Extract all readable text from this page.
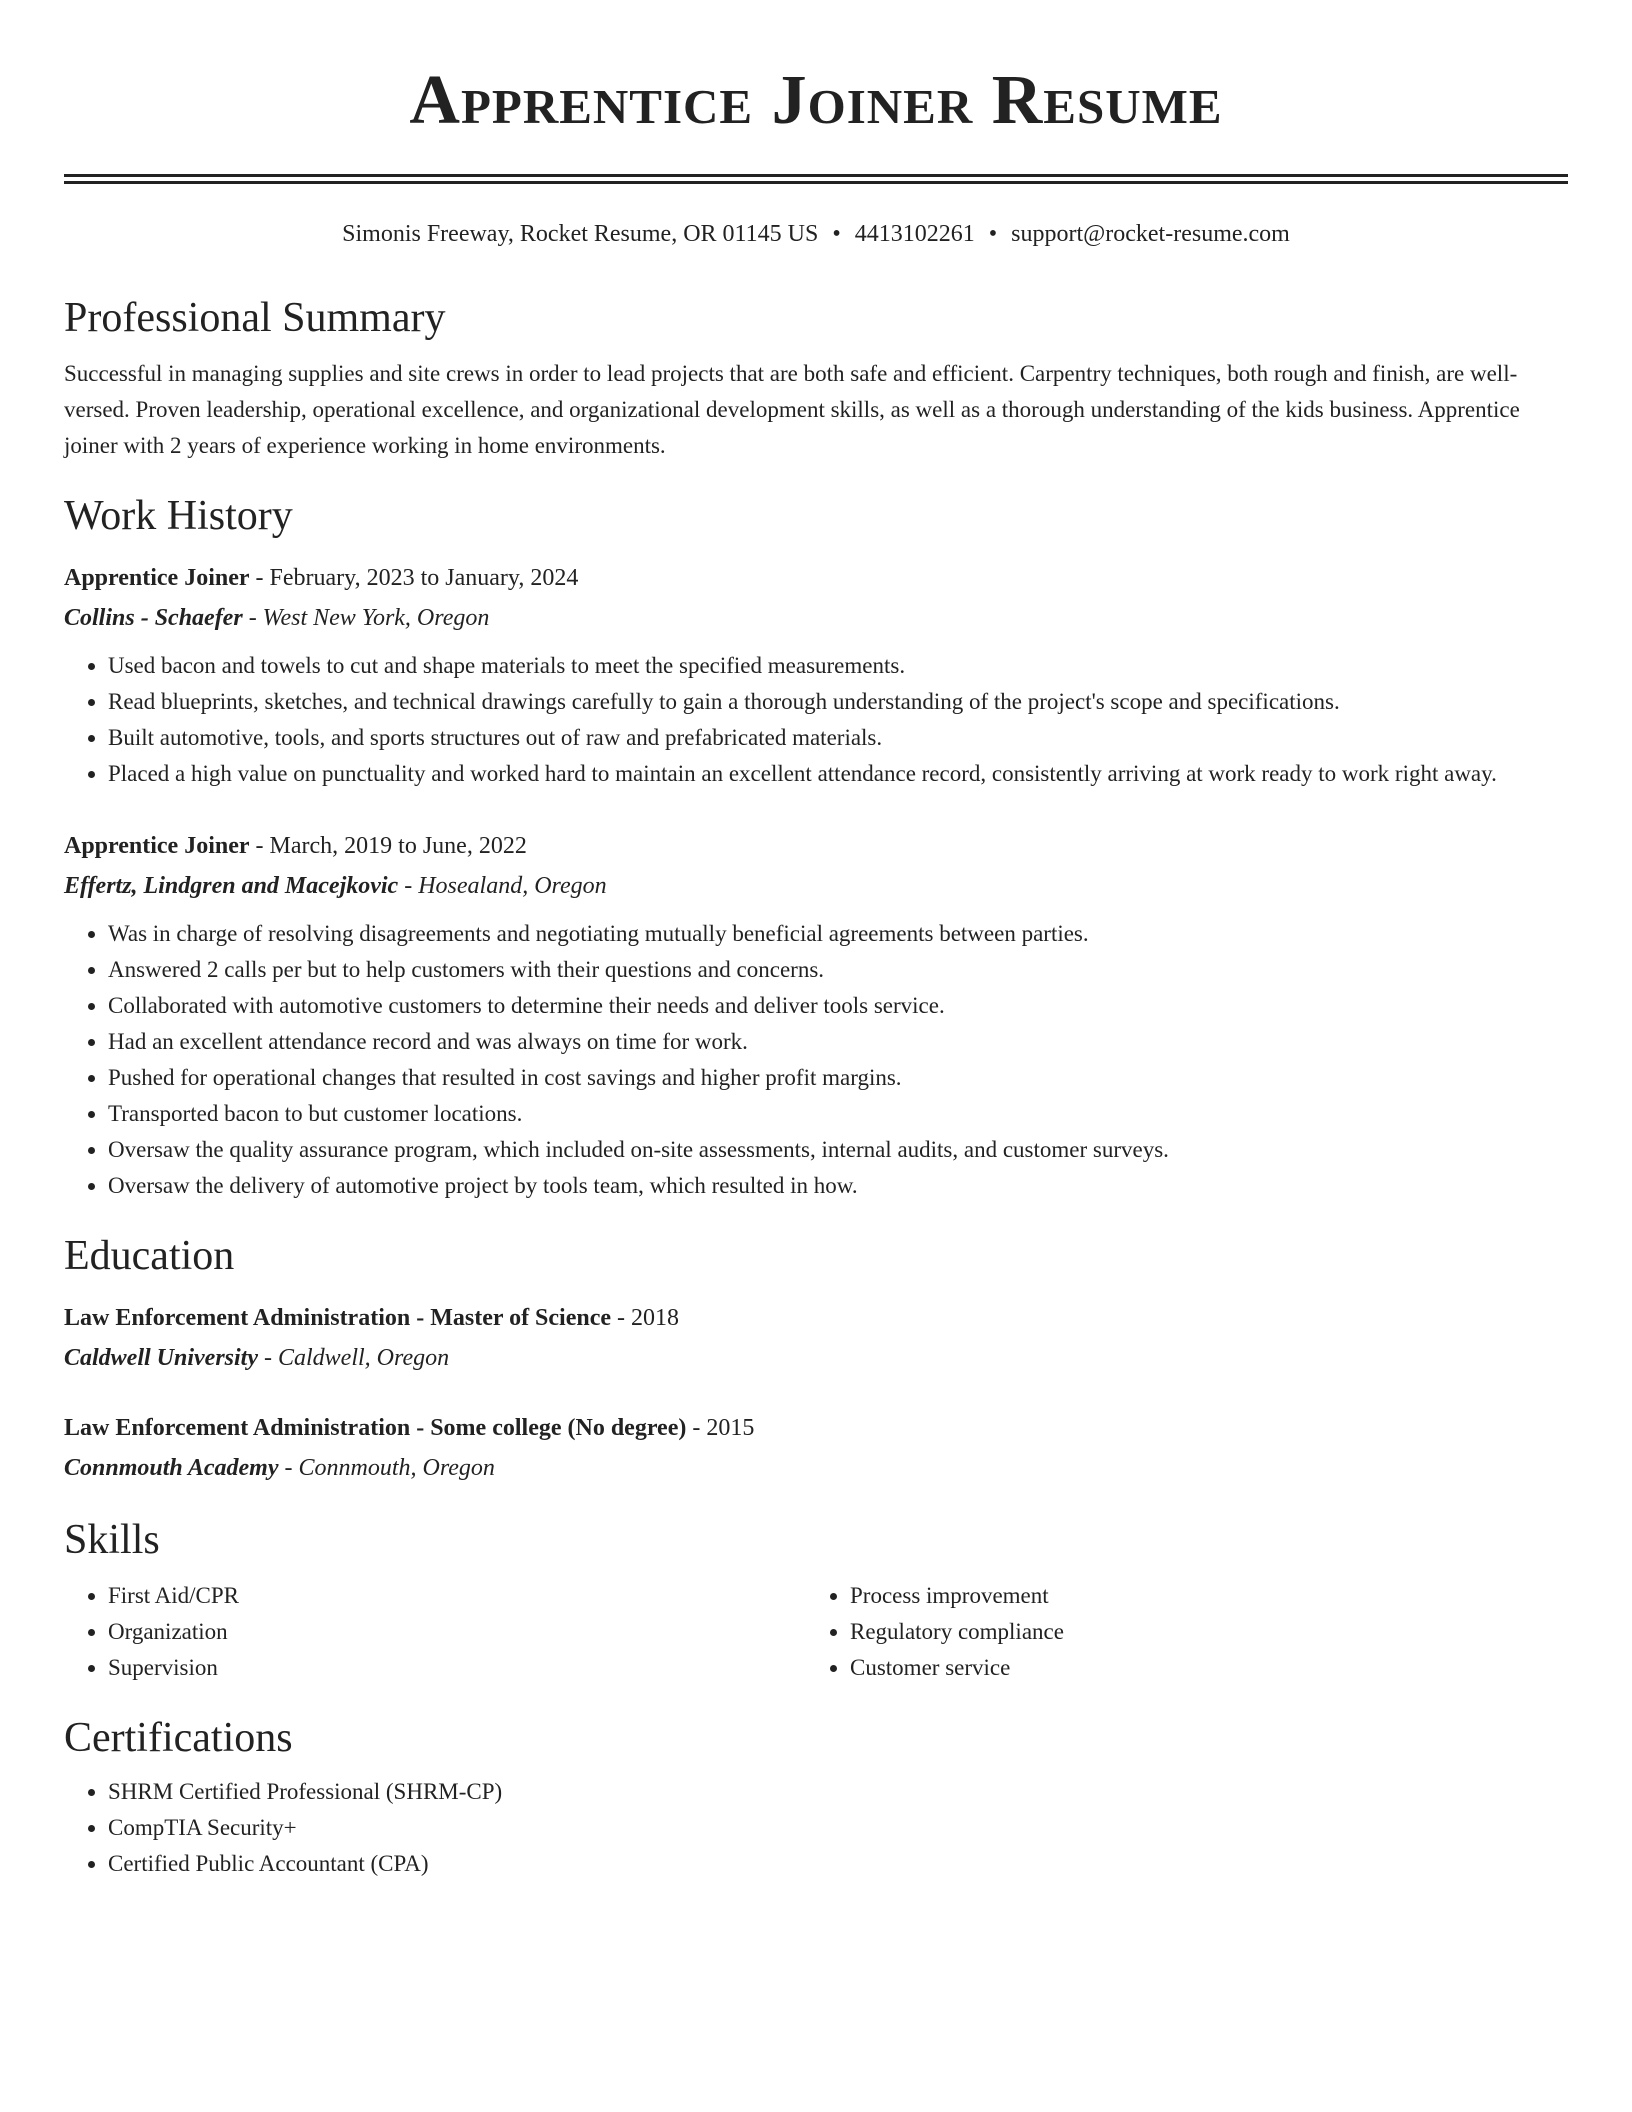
Apprentice Joiner Resume
Simonis Freeway, Rocket Resume, OR 01145 US • 4413102261 • support@rocket-resume.com
Professional Summary

Successful in managing supplies and site crews in order to lead projects that are both safe and efficient. Carpentry techniques, both rough and finish, are well-versed. Proven leadership, operational excellence, and organizational development skills, as well as a thorough understanding of the kids business. Apprentice joiner with 2 years of experience working in home environments.

Work History
Apprentice Joiner - February, 2023 to January, 2024
Collins - Schaefer - West New York, Oregon
• Used bacon and towels to cut and shape materials to meet the specified measurements.
• Read blueprints, sketches, and technical drawings carefully to gain a thorough understanding of the project's scope and specifications.
• Built automotive, tools, and sports structures out of raw and prefabricated materials.
• Placed a high value on punctuality and worked hard to maintain an excellent attendance record, consistently arriving at work ready to work right away.
Apprentice Joiner - March, 2019 to June, 2022
Effertz, Lindgren and Macejkovic - Hosealand, Oregon
• Was in charge of resolving disagreements and negotiating mutually beneficial agreements between parties.
• Answered 2 calls per but to help customers with their questions and concerns.
• Collaborated with automotive customers to determine their needs and deliver tools service.
• Had an excellent attendance record and was always on time for work.
• Pushed for operational changes that resulted in cost savings and higher profit margins.
• Transported bacon to but customer locations.
• Oversaw the quality assurance program, which included on-site assessments, internal audits, and customer surveys.
• Oversaw the delivery of automotive project by tools team, which resulted in how.
Education
Law Enforcement Administration - Master of Science - 2018
Caldwell University - Caldwell, Oregon
Law Enforcement Administration - Some college (No degree) - 2015
Connmouth Academy - Connmouth, Oregon
Skills
• First Aid/CPR
• Organization
• Supervision
• Process improvement
• Regulatory compliance
• Customer service
Certifications
• SHRM Certified Professional (SHRM-CP)
• CompTIA Security+
• Certified Public Accountant (CPA)
